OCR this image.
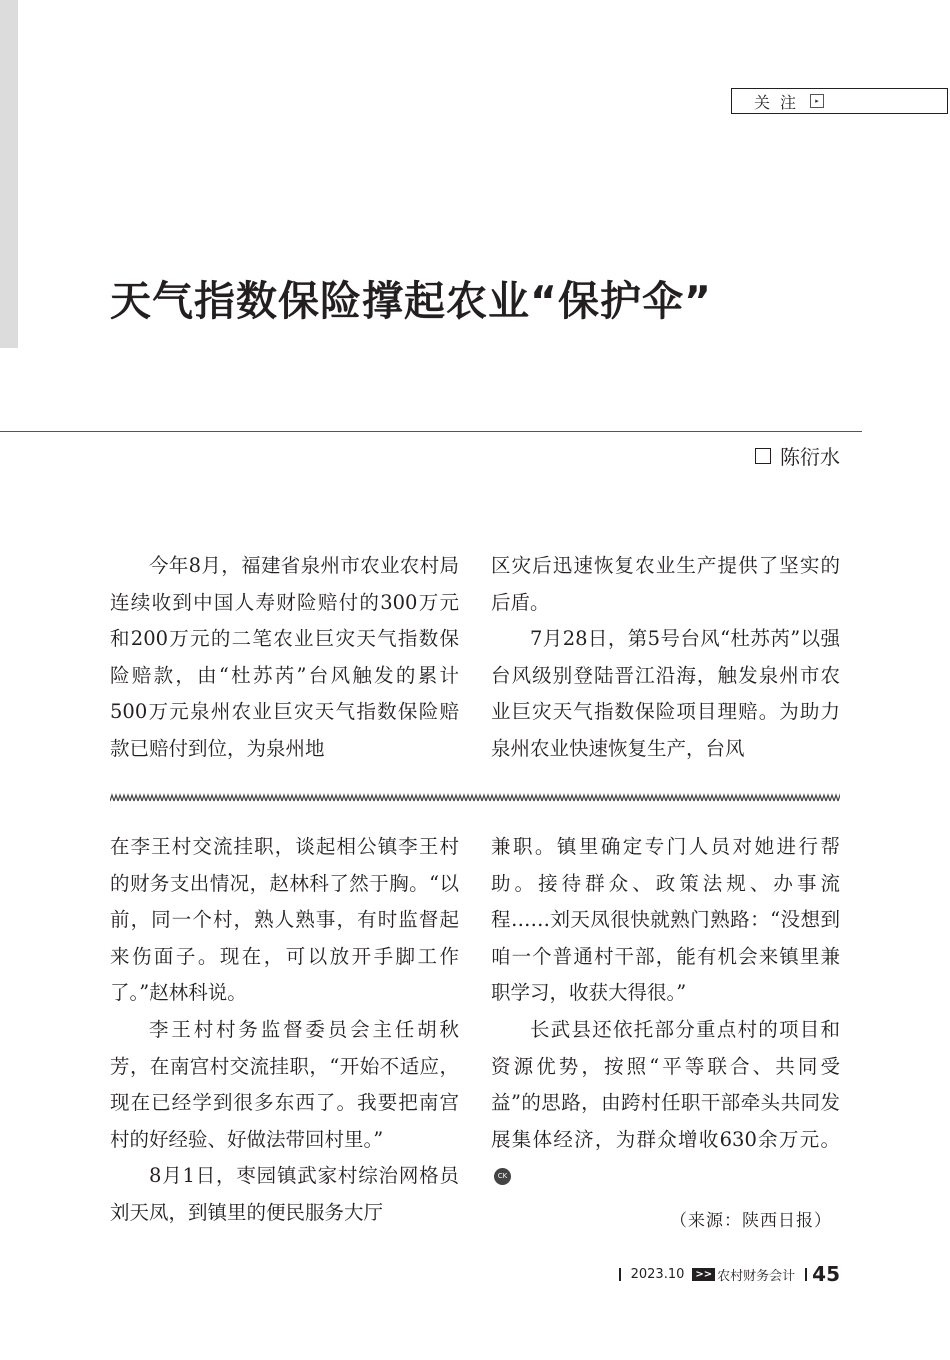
关注	▸
天气指数保险撑起农业“保护伞”
陈衍水

今年8月，福建省泉州市农业农村局连续收到中国人寿财险赔付的300万元和200万元的二笔农业巨灾天气指数保险赔款，由“杜苏芮”台风触发的累计500万元泉州农业巨灾天气指数保险赔款已赔付到位，为泉州地

区灾后迅速恢复农业生产提供了坚实的后盾。

7月28日，第5号台风“杜苏芮”以强台风级别登陆晋江沿海，触发泉州市农业巨灾天气指数保险项目理赔。为助力泉州农业快速恢复生产，台风

在李王村交流挂职，谈起相公镇李王村的财务支出情况，赵林科了然于胸。“以前，同一个村，熟人熟事，有时监督起来伤面子。现在，可以放开手脚工作了。”赵林科说。

李王村村务监督委员会主任胡秋芳，在南宫村交流挂职，“开始不适应，现在已经学到很多东西了。我要把南宫村的好经验、好做法带回村里。”

8月1日，枣园镇武家村综治网格员刘天凤，到镇里的便民服务大厅

兼职。镇里确定专门人员对她进行帮助。接待群众、政策法规、办事流程……刘天凤很快就熟门熟路：“没想到咱一个普通村干部，能有机会来镇里兼职学习，收获大得很。”

长武县还依托部分重点村的项目和资源优势，按照“平等联合、共同受益”的思路，由跨村任职干部牵头共同发展集体经济，为群众增收630余万元。CK

（来源：陕西日报）
2023.10	>> 农村财务会计 45
